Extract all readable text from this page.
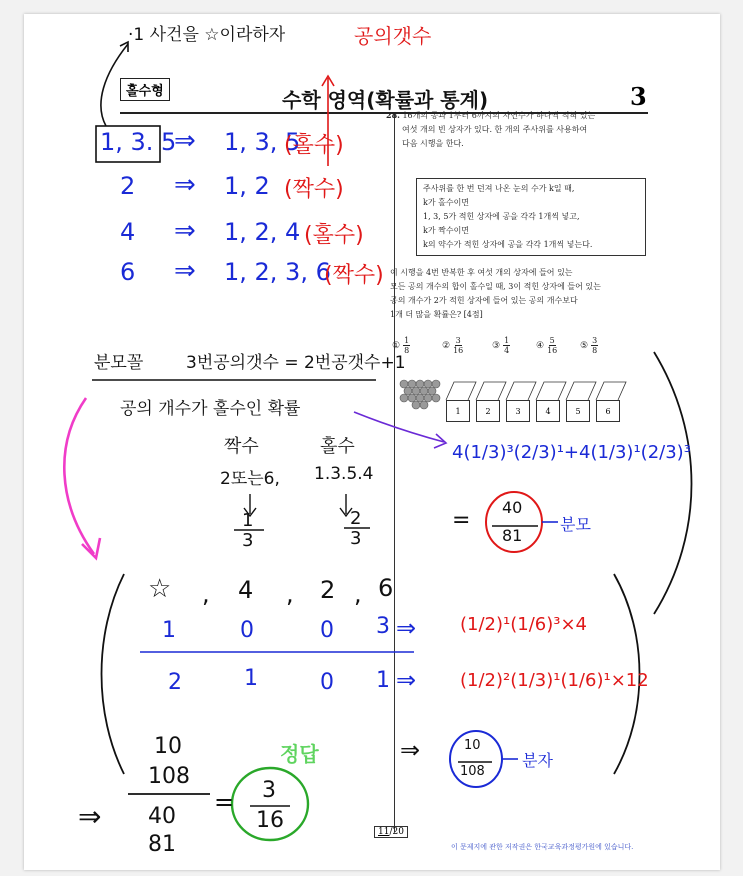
홀수형	수학 영역(확률과 통계)	3
28. 16개의 공과 1부터 6까지의 자연수가 하나씩 적혀 있는
여섯 개의 빈 상자가 있다. 한 개의 주사위를 사용하여
다음 시행을 한다.
주사위를 한 번 던져 나온 눈의 수가 k일 때,
k가 홀수이면
1, 3, 5가 적힌 상자에 공을 각각 1개씩 넣고,
k가 짝수이면
k의 약수가 적힌 상자에 공을 각각 1개씩 넣는다.
이 시행을 4번 반복한 후 여섯 개의 상자에 들어 있는
모든 공의 개수의 합이 홀수일 때, 3이 적힌 상자에 들어 있는
공의 개수가 2가 적힌 상자에 들어 있는 공의 개수보다
1개 더 많을 확률은? [4점]
① $\frac{1}{8}$	② $\frac{3}{16}$	③ $\frac{1}{4}$	④ $\frac{5}{16}$	⑤ $\frac{3}{8}$
1	2	3	4	5	6
11/20
이 문제지에 관한 저작권은 한국교육과정평가원에 있습니다.
·1 사건을 ☆이라하자	공의갯수
1, 3. 5
⇒ 1, 3, 5
(홀수)
2 ⇒ 1, 2 (짝수)
4 ⇒ 1, 2, 4 (홀수)
6 ⇒ 1, 2, 3, 6
(짝수)
분모꼴	3번공의갯수 = 2번공갯수+1
공의 개수가 홀수인 확률
짝수	홀수
2또는6, 1.3.5.4
1
3
2
3
4(1/3)³(2/3)¹+4(1/3)¹(2/3)³
=
40
81
분모
☆ , 4 , 2 , 6
1	0	0 3 ⇒
2	1	0 1 ⇒
(1/2)¹(1/6)³×4
(1/2)²(1/3)¹(1/6)¹×12
⇒	10
108
분자
정답
⇒
10
108
40
81
= 3
16
